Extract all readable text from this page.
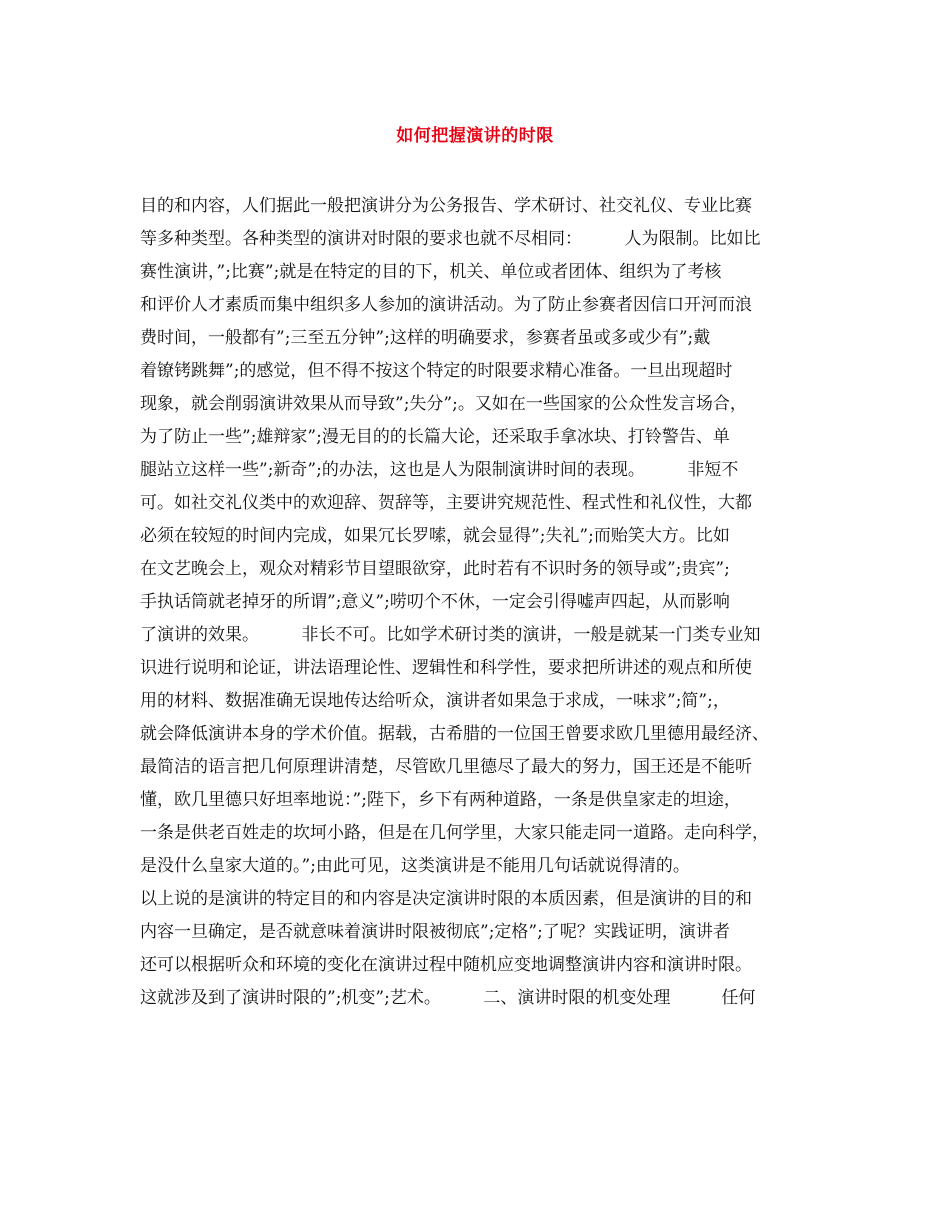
如何把握演讲的时限
目的和内容，人们据此一般把演讲分为公务报告、学术研讨、社交礼仪、专业比赛
等多种类型。各种类型的演讲对时限的要求也就不尽相同：　　　人为限制。比如比
赛性演讲，”;比赛”;就是在特定的目的下，机关、单位或者团体、组织为了考核
和评价人才素质而集中组织多人参加的演讲活动。为了防止参赛者因信口开河而浪
费时间，一般都有”;三至五分钟”;这样的明确要求，参赛者虽或多或少有”;戴
着镣铐跳舞”;的感觉，但不得不按这个特定的时限要求精心准备。一旦出现超时
现象，就会削弱演讲效果从而导致”;失分”;。又如在一些国家的公众性发言场合，
为了防止一些”;雄辩家”;漫无目的的长篇大论，还采取手拿冰块、打铃警告、单
腿站立这样一些”;新奇”;的办法，这也是人为限制演讲时间的表现。　　　非短不
可。如社交礼仪类中的欢迎辞、贺辞等，主要讲究规范性、程式性和礼仪性，大都
必须在较短的时间内完成，如果冗长罗嗦，就会显得”;失礼”;而贻笑大方。比如
在文艺晚会上，观众对精彩节目望眼欲穿，此时若有不识时务的领导或”;贵宾”;
手执话筒就老掉牙的所谓”;意义”;唠叨个不休，一定会引得嘘声四起，从而影响
了演讲的效果。　　　非长不可。比如学术研讨类的演讲，一般是就某一门类专业知
识进行说明和论证，讲法语理论性、逻辑性和科学性，要求把所讲述的观点和所使
用的材料、数据准确无误地传达给听众，演讲者如果急于求成，一味求”;简”;，
就会降低演讲本身的学术价值。据载，古希腊的一位国王曾要求欧几里德用最经济、
最简洁的语言把几何原理讲清楚，尽管欧几里德尽了最大的努力，国王还是不能听
懂，欧几里德只好坦率地说：”;陛下，乡下有两种道路，一条是供皇家走的坦途，
一条是供老百姓走的坎坷小路，但是在几何学里，大家只能走同一道路。走向科学，
是没什么皇家大道的。”;由此可见，这类演讲是不能用几句话就说得清的。
以上说的是演讲的特定目的和内容是决定演讲时限的本质因素，但是演讲的目的和
内容一旦确定，是否就意味着演讲时限被彻底”;定格”;了呢？实践证明，演讲者
还可以根据听众和环境的变化在演讲过程中随机应变地调整演讲内容和演讲时限。
这就涉及到了演讲时限的”;机变”;艺术。　　　二、演讲时限的机变处理　　　任何
